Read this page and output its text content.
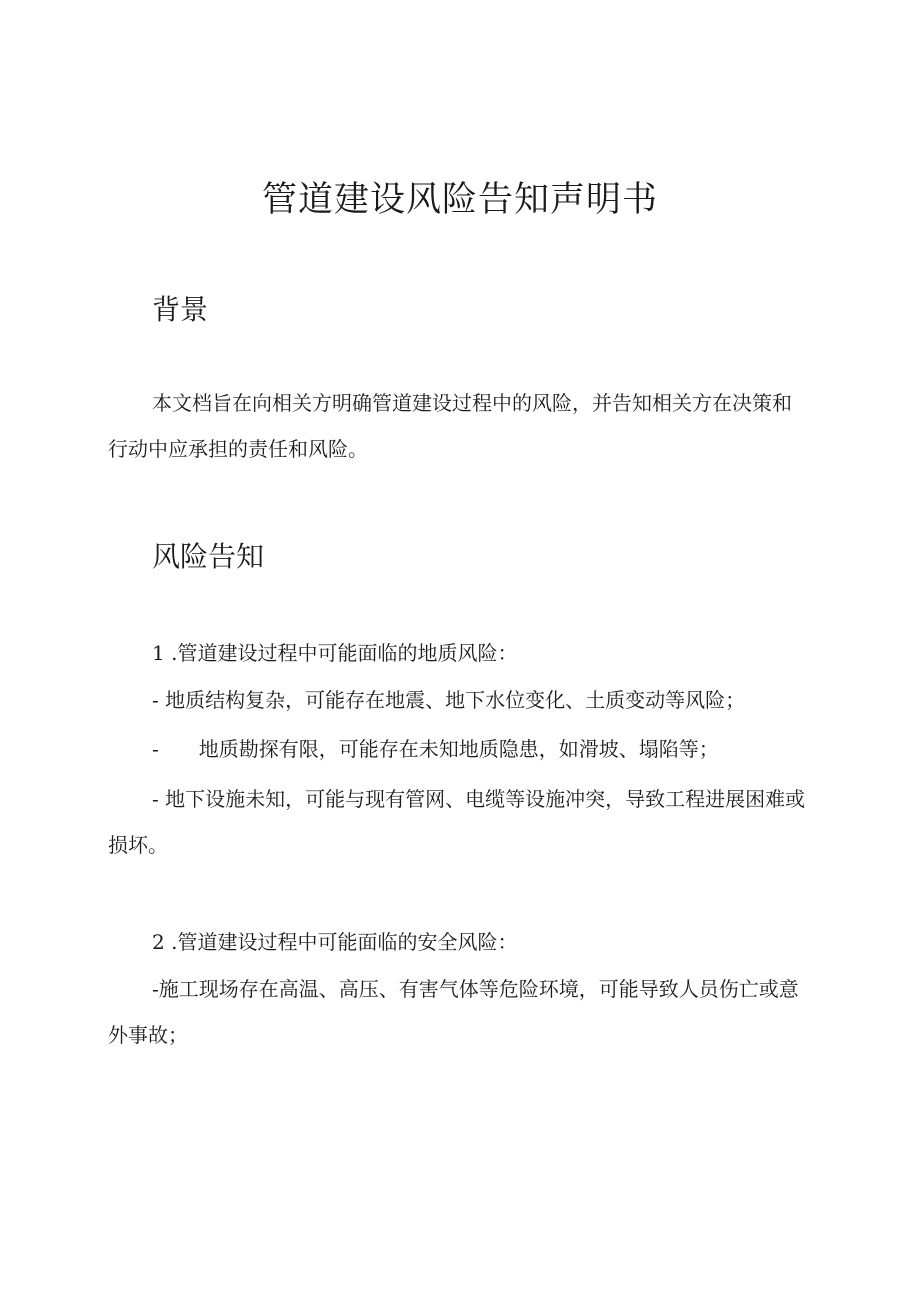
管道建设风险告知声明书
背景

本文档旨在向相关方明确管道建设过程中的风险，并告知相关方在决策和行动中应承担的责任和风险。

风险告知

1 .管道建设过程中可能面临的地质风险：

- 地质结构复杂，可能存在地震、地下水位变化、土质变动等风险；

- 地质勘探有限，可能存在未知地质隐患，如滑坡、塌陷等；

- 地下设施未知，可能与现有管网、电缆等设施冲突，导致工程进展困难或损坏。

2 .管道建设过程中可能面临的安全风险：

-施工现场存在高温、高压、有害气体等危险环境，可能导致人员伤亡或意外事故；
